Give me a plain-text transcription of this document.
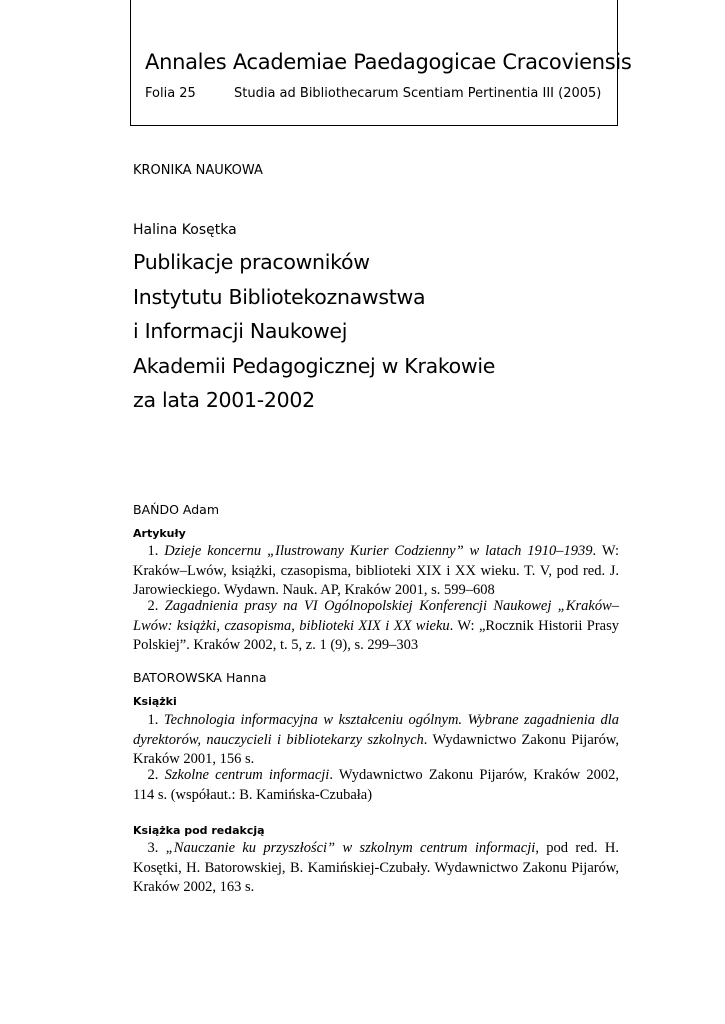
Annales Academiae Paedagogicae Cracoviensis
Folia 25	Studia ad Bibliothecarum Scentiam Pertinentia III (2005)
KRONIKA NAUKOWA
Halina Kosętka
Publikacje pracowników
Instytutu Bibliotekoznawstwa
i Informacji Naukowej
Akademii Pedagogicznej w Krakowie
za lata 2001-2002
BAŃDO Adam
Artykuły

 1. Dzieje koncernu „Ilustrowany Kurier Codzienny” w latach 1910–1939. W: Kraków–Lwów, książki, czasopisma, biblioteki XIX i XX wieku. T. V, pod red. J. Jarowieckiego. Wydawn. Nauk. AP, Kraków 2001, s. 599–608

 2. Zagadnienia prasy na VI Ogólnopolskiej Konferencji Naukowej „Kraków–Lwów: książki, czasopisma, biblioteki XIX i XX wieku. W: „Rocznik Historii Prasy Polskiej”. Kraków 2002, t. 5, z. 1 (9), s. 299–303

BATOROWSKA Hanna
Książki

 1. Technologia informacyjna w kształceniu ogólnym. Wybrane zagadnienia dla dyrektorów, nauczycieli i bibliotekarzy szkolnych. Wydawnictwo Zakonu Pijarów, Kraków 2001, 156 s.

 2. Szkolne centrum informacji. Wydawnictwo Zakonu Pijarów, Kraków 2002, 114 s. (współaut.: B. Kamińska-Czubała)

Książka pod redakcją

 3. „Nauczanie ku przyszłości” w szkolnym centrum informacji, pod red. H. Kosętki, H. Batorowskiej, B. Kamińskiej-Czubały. Wydawnictwo Zakonu Pijarów, Kraków 2002, 163 s.
